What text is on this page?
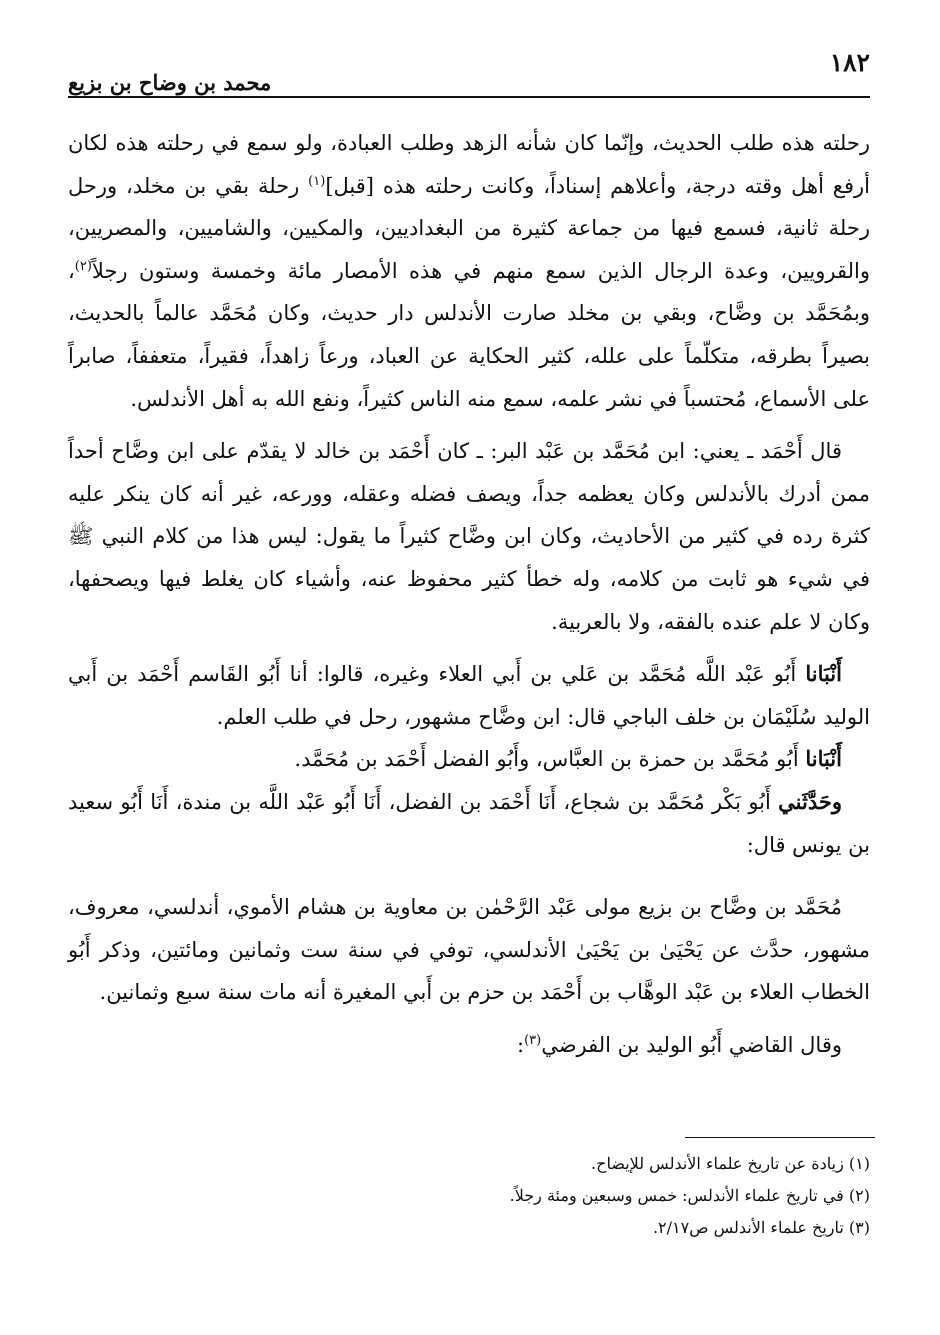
١٨٢
محمد بن وضاح بن بزيع

رحلته هذه طلب الحديث، وإنّما كان شأنه الزهد وطلب العبادة، ولو سمع في رحلته هذه لكان أرفع أهل وقته درجة، وأعلاهم إسناداً، وكانت رحلته هذه [قبل]$^{(١)}$ رحلة بقي بن مخلد، ورحل رحلة ثانية، فسمع فيها من جماعة كثيرة من البغداديين، والمكيين، والشاميين، والمصريين، والقرويين، وعدة الرجال الذين سمع منهم في هذه الأمصار مائة وخمسة وستون رجلاً$^{(٢)}$، وبمُحَمَّد بن وضَّاح، وبقي بن مخلد صارت الأندلس دار حديث، وكان مُحَمَّد عالماً بالحديث، بصيراً بطرقه، متكلّماً على علله، كثير الحكاية عن العباد، ورعاً زاهداً، فقيراً، متعففاً، صابراً على الأسماع، مُحتسباً في نشر علمه، سمع منه الناس كثيراً، ونفع الله به أهل الأندلس.

قال أَحْمَد ـ يعني: ابن مُحَمَّد بن عَبْد البر: ـ كان أَحْمَد بن خالد لا يقدّم على ابن وضَّاح أحداً ممن أدرك بالأندلس وكان يعظمه جداً، ويصف فضله وعقله، وورعه، غير أنه كان ينكر عليه كثرة رده في كثير من الأحاديث، وكان ابن وضَّاح كثيراً ما يقول: ليس هذا من كلام النبي ﷺ في شيء هو ثابت من كلامه، وله خطأ كثير محفوظ عنه، وأشياء كان يغلط فيها ويصحفها، وكان لا علم عنده بالفقه، ولا بالعربية.

أَنْبَانا أَبُو عَبْد اللَّه مُحَمَّد بن عَلي بن أَبي العلاء وغيره، قالوا: أنا أَبُو القَاسم أَحْمَد بن أَبي الوليد سُلَيْمَان بن خلف الباجي قال: ابن وضَّاح مشهور، رحل في طلب العلم.

أَنْبَانا أَبُو مُحَمَّد بن حمزة بن العبَّاس، وأَبُو الفضل أَحْمَد بن مُحَمَّد.

وحَدَّثَني أَبُو بَكْر مُحَمَّد بن شجاع، أَنَا أَحْمَد بن الفضل، أَنَا أَبُو عَبْد اللَّه بن مندة، أَنَا أَبُو سعيد بن يونس قال:

مُحَمَّد بن وضَّاح بن بزيع مولى عَبْد الرَّحْمٰن بن معاوية بن هشام الأموي، أندلسي، معروف، مشهور، حدَّث عن يَحْيَىٰ بن يَحْيَىٰ الأندلسي، توفي في سنة ست وثمانين ومائتين، وذكر أَبُو الخطاب العلاء بن عَبْد الوهَّاب بن أَحْمَد بن حزم بن أَبي المغيرة أنه مات سنة سبع وثمانين.

وقال القاضي أَبُو الوليد بن الفرضي$^{(٣)}$:

(١) زيادة عن تاريخ علماء الأندلس للإيضاح.

(٢) في تاريخ علماء الأندلس: خمس وسبعين ومئة رجلاً.

(٣) تاريخ علماء الأندلس ص٢/١٧.
